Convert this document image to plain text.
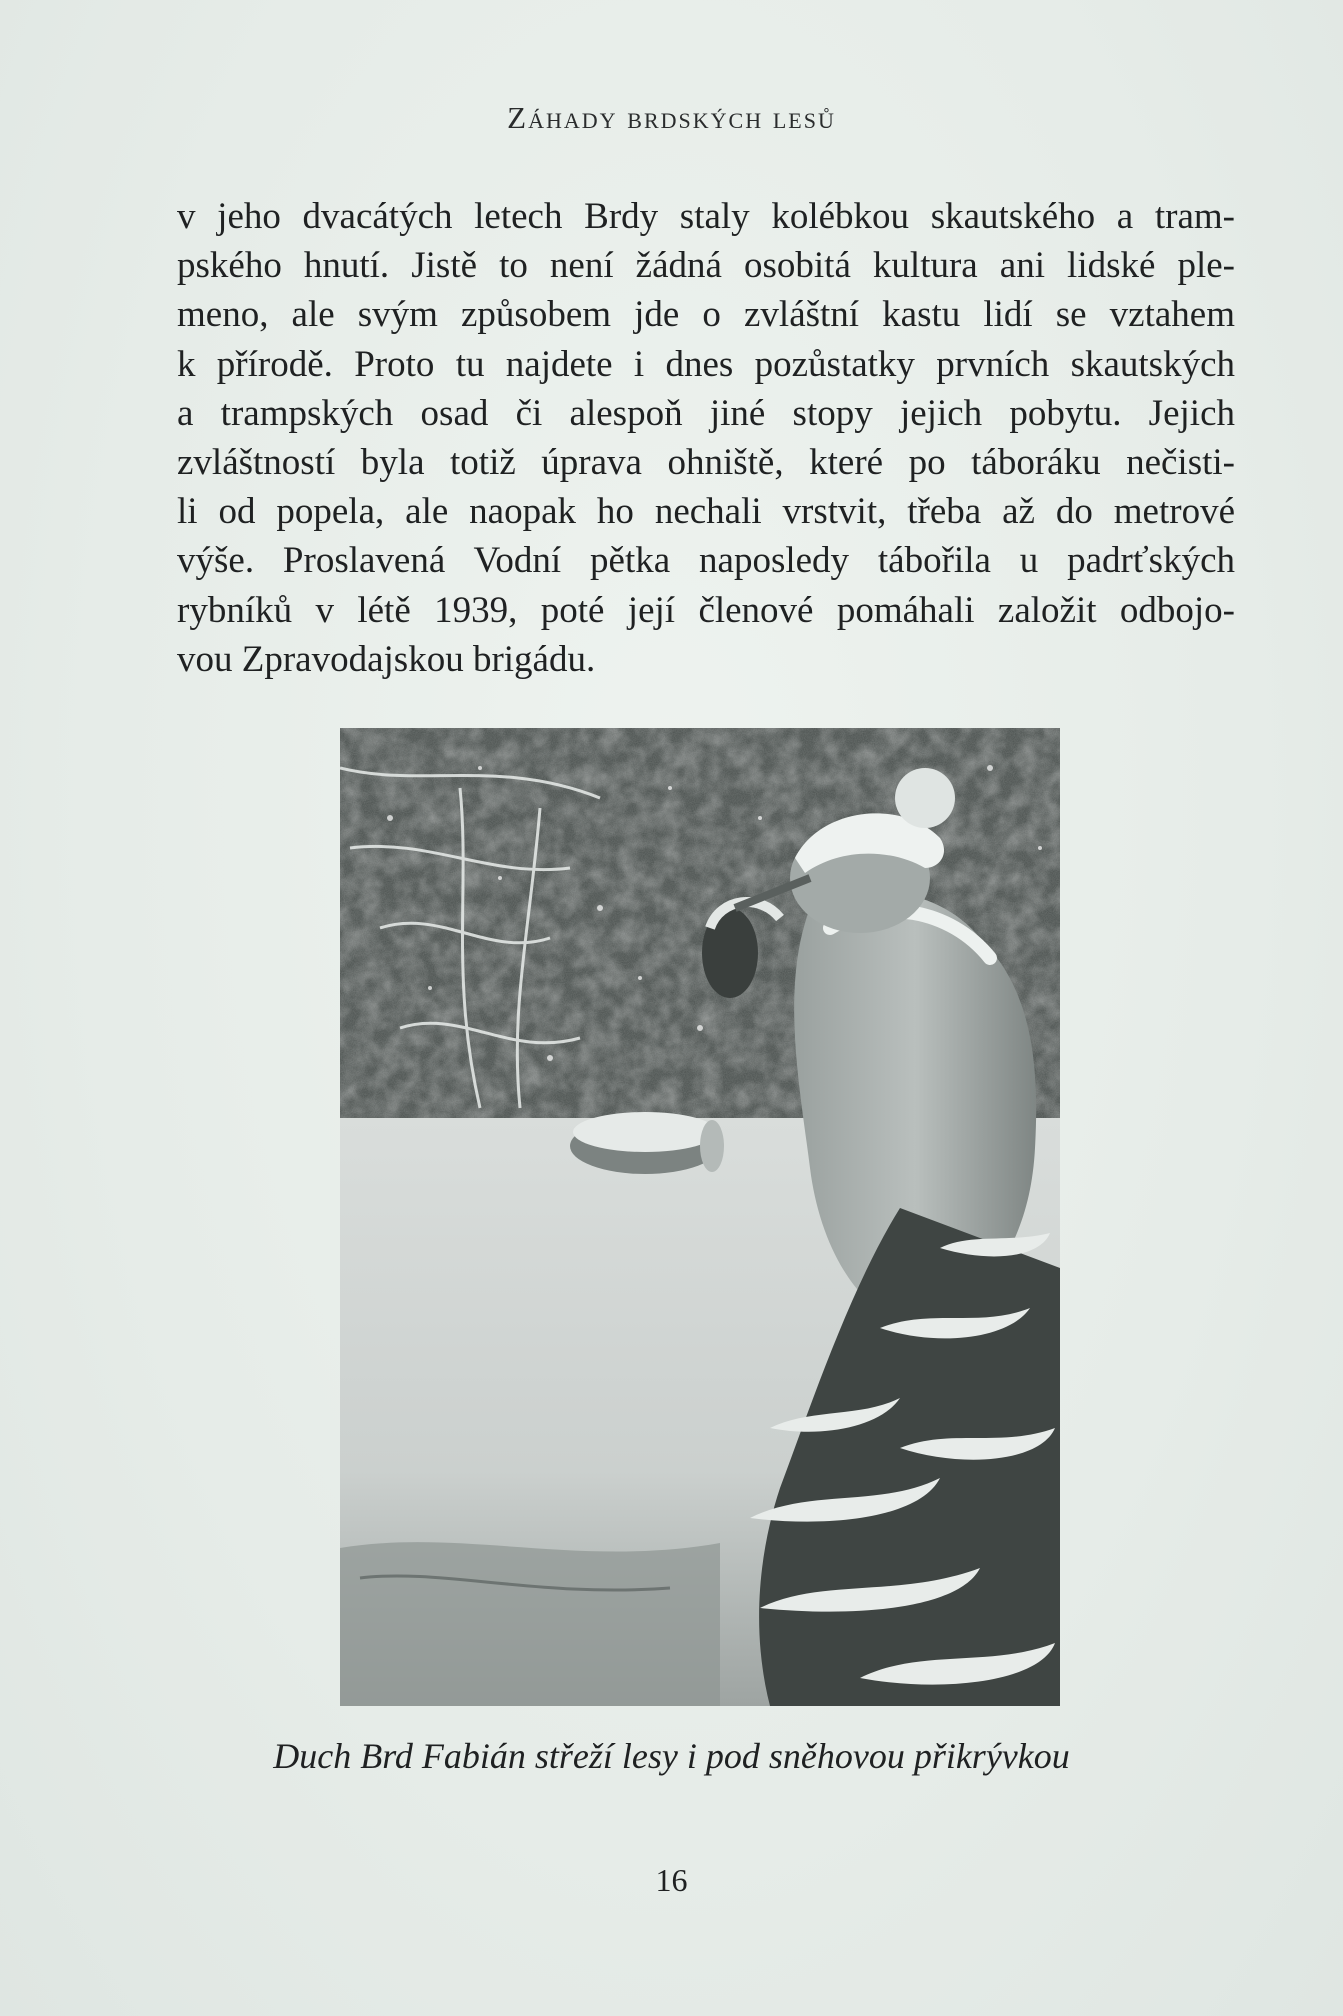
Záhady brdských lesů
v jeho dvacátých letech Brdy staly kolébkou skautského a tram-
pského hnutí. Jistě to není žádná osobitá kultura ani lidské ple-
meno, ale svým způsobem jde o zvláštní kastu lidí se vztahem
k přírodě. Proto tu najdete i dnes pozůstatky prvních skautských
a trampských osad či alespoň jiné stopy jejich pobytu. Jejich
zvláštností byla totiž úprava ohniště, které po táboráku nečisti-
li od popela, ale naopak ho nechali vrstvit, třeba až do metrové
výše. Proslavená Vodní pětka naposledy tábořila u padrťských
rybníků v létě 1939, poté její členové pomáhali založit odbojo-
vou Zpravodajskou brigádu.
Duch Brd Fabián střeží lesy i pod sněhovou přikrývkou
16
